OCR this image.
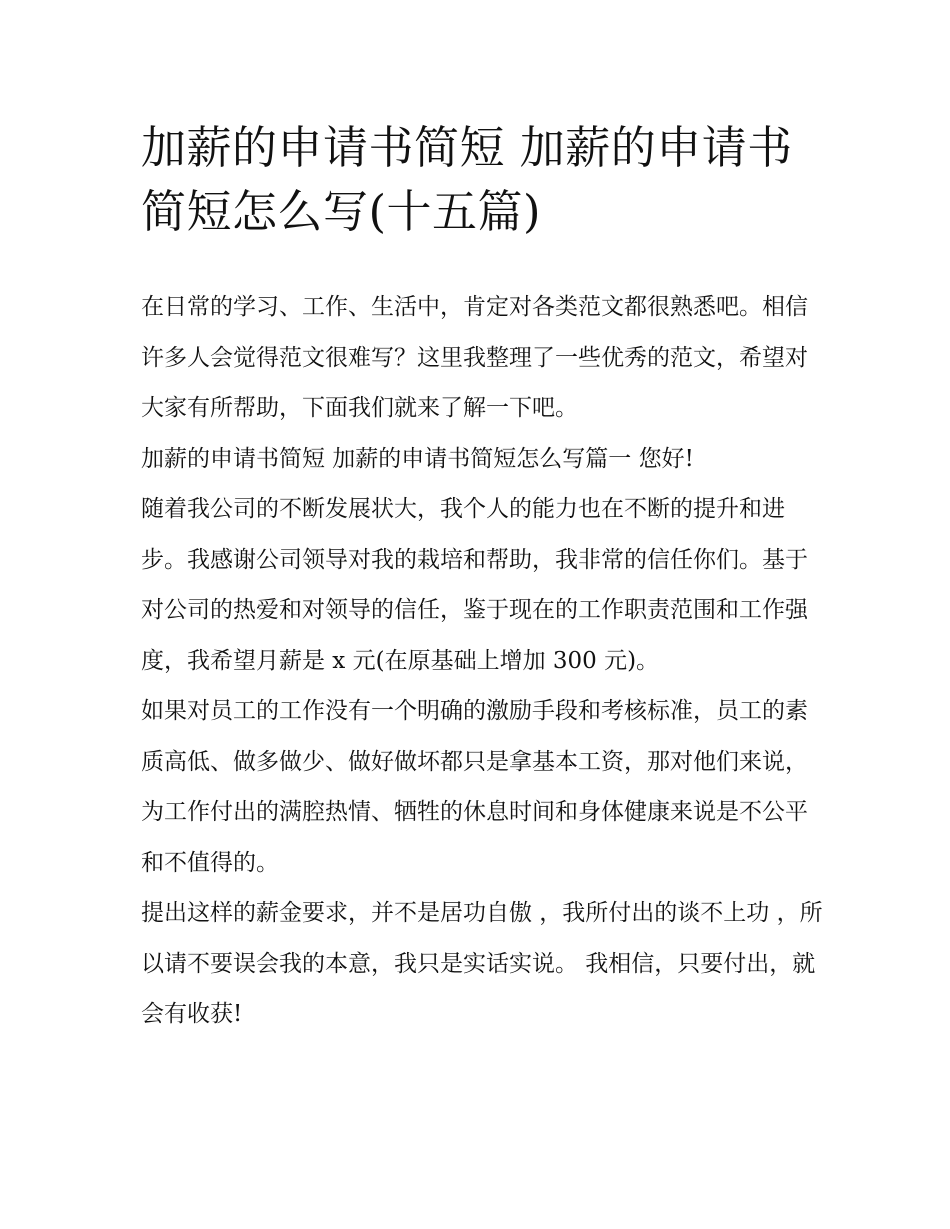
加薪的申请书简短 加薪的申请书简短怎么写(十五篇)

在日常的学习、工作、生活中，肯定对各类范文都很熟悉吧。相信许多人会觉得范文很难写？这里我整理了一些优秀的范文，希望对大家有所帮助，下面我们就来了解一下吧。

加薪的申请书简短 加薪的申请书简短怎么写篇一 您好!

随着我公司的不断发展状大，我个人的能力也在不断的提升和进步。我感谢公司领导对我的栽培和帮助，我非常的信任你们。基于对公司的热爱和对领导的信任，鉴于现在的工作职责范围和工作强度，我希望月薪是 x 元(在原基础上增加 300 元)。

如果对员工的工作没有一个明确的激励手段和考核标准，员工的素质高低、做多做少、做好做坏都只是拿基本工资，那对他们来说，为工作付出的满腔热情、牺牲的休息时间和身体健康来说是不公平和不值得的。

提出这样的薪金要求，并不是居功自傲 ，我所付出的谈不上功 ，所以请不要误会我的本意，我只是实话实说。 我相信，只要付出，就会有收获!
